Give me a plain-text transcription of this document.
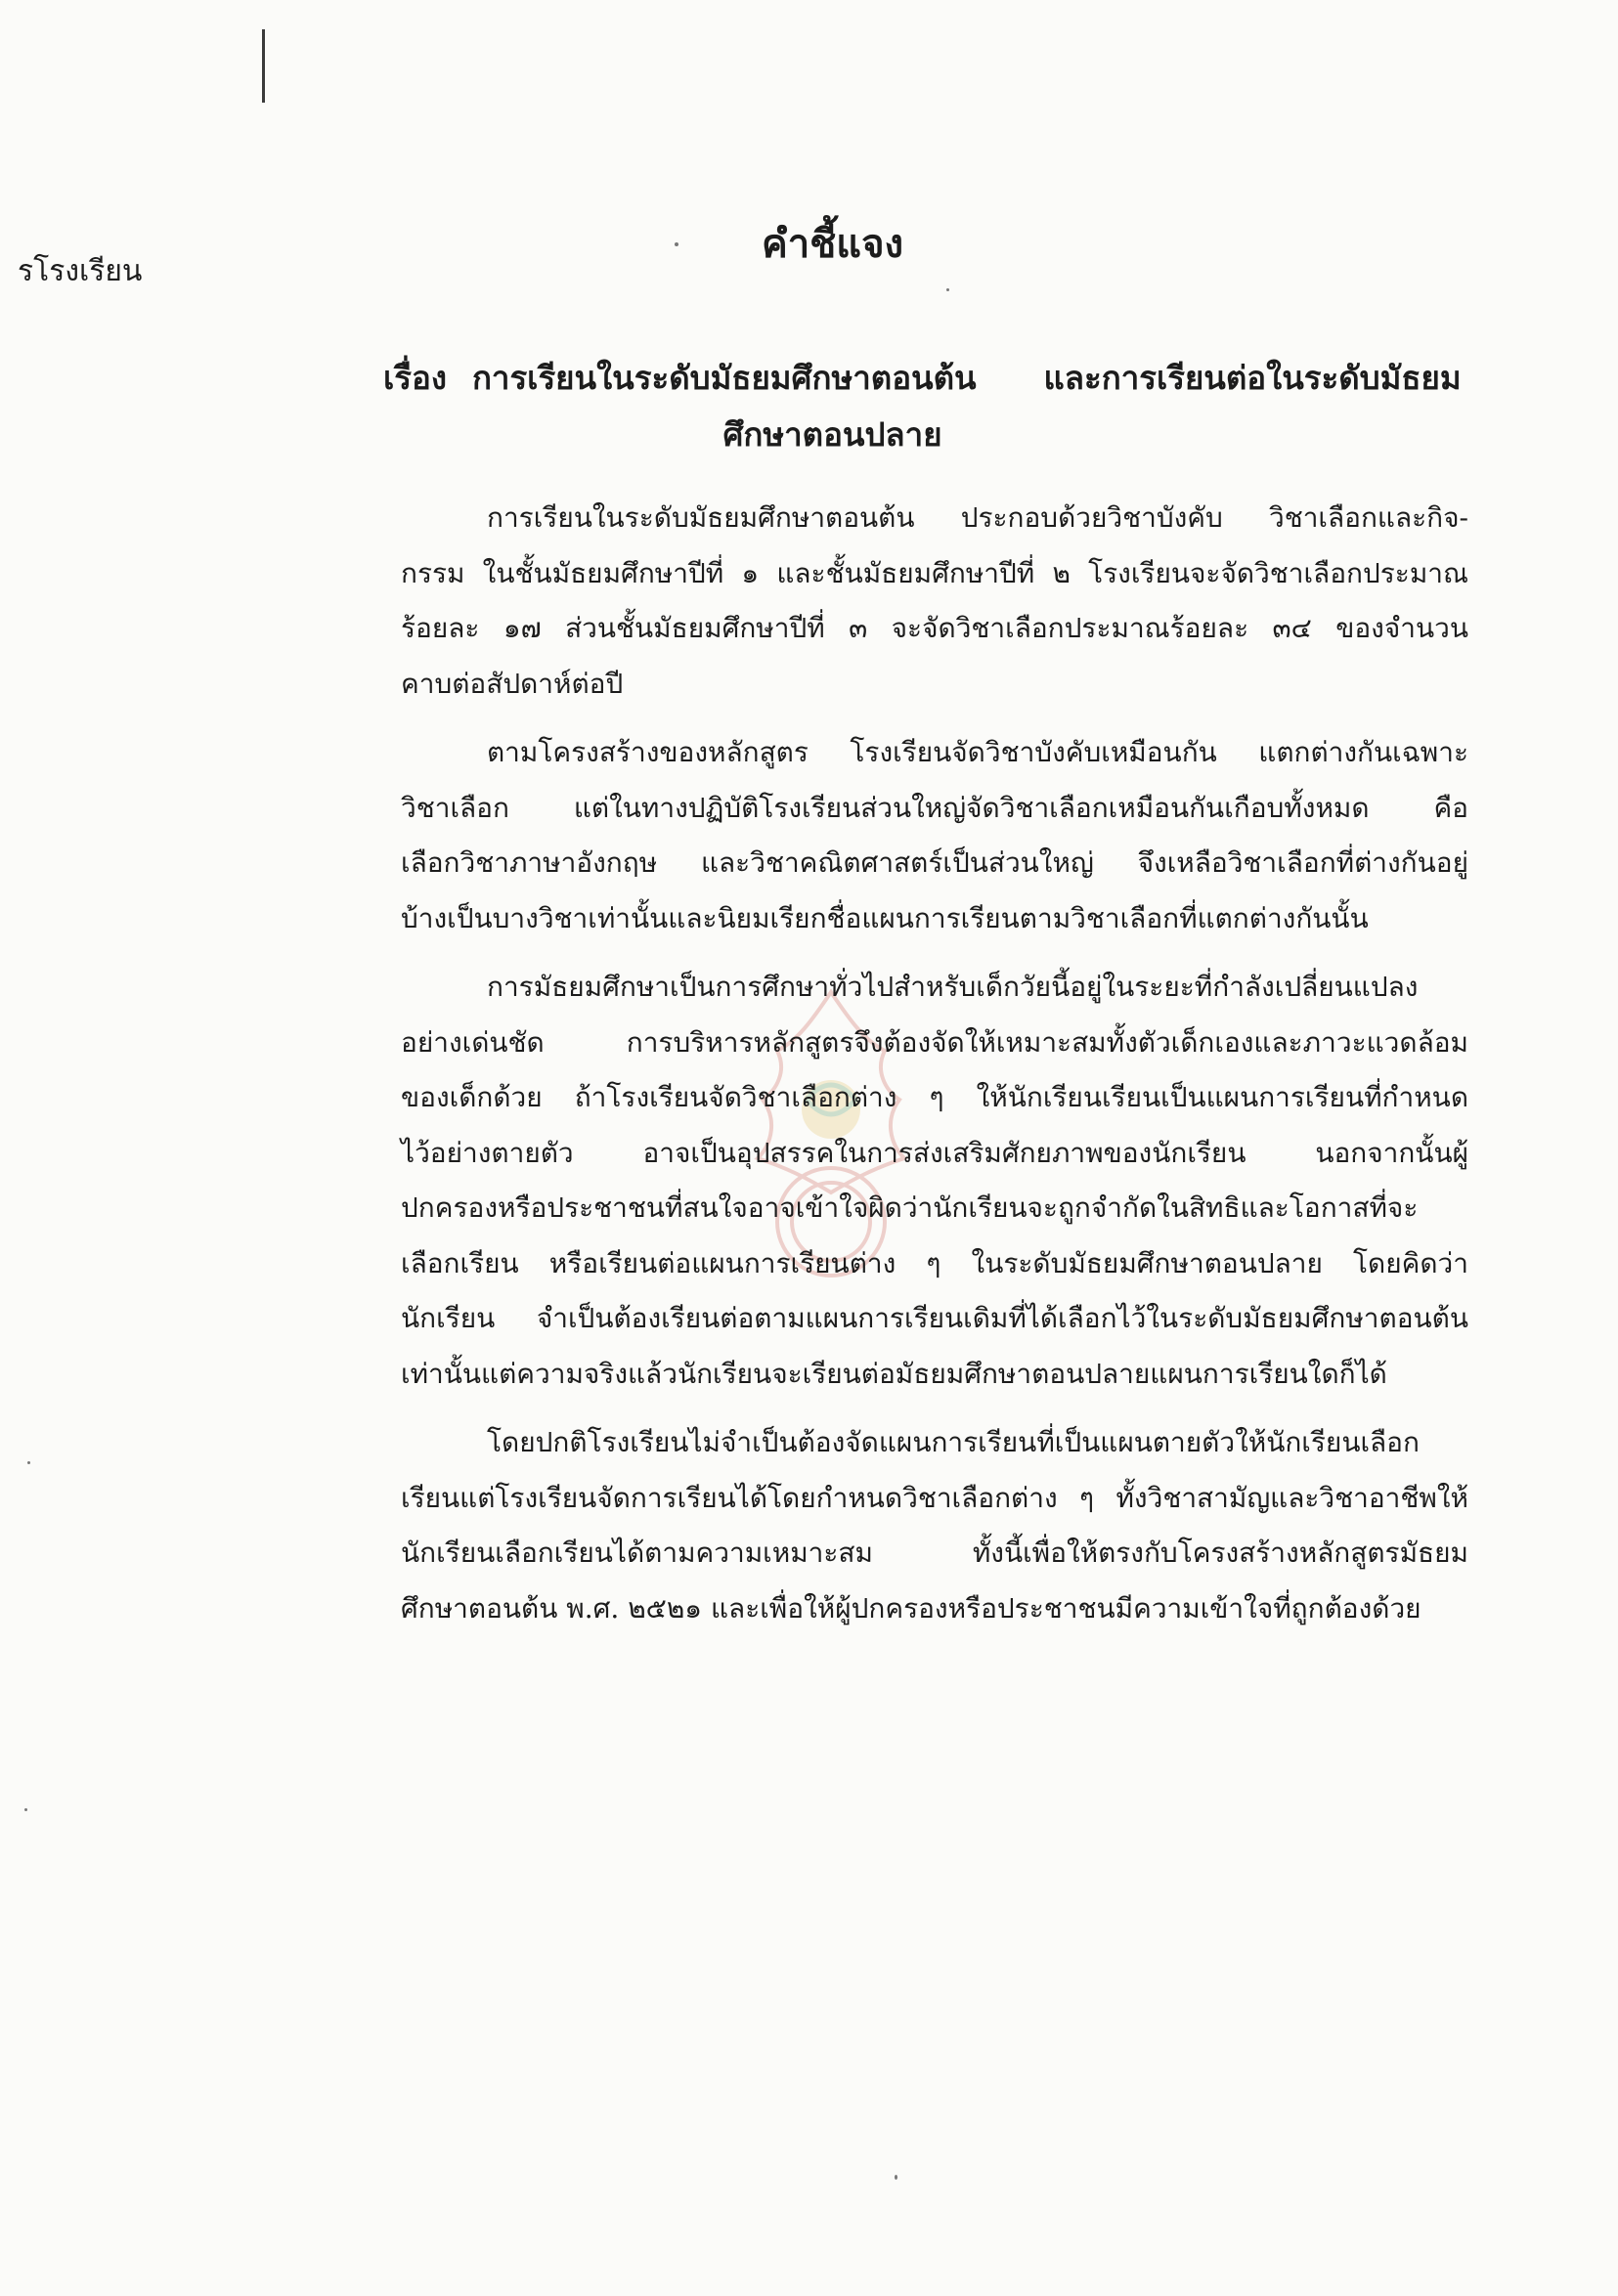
รโรงเรียน
คำชี้แจง
เรื่อง การเรียนในระดับมัธยมศึกษาตอนต้น      และการเรียนต่อในระดับมัธยม
ศึกษาตอนปลาย
การเรียนในระดับมัธยมศึกษาตอนต้น ประกอบด้วยวิชาบังคับ วิชาเลือกและกิจ-
กรรม ในชั้นมัธยมศึกษาปีที่ ๑ และชั้นมัธยมศึกษาปีที่ ๒ โรงเรียนจะจัดวิชาเลือกประมาณ
ร้อยละ ๑๗ ส่วนชั้นมัธยมศึกษาปีที่ ๓ จะจัดวิชาเลือกประมาณร้อยละ ๓๔ ของจำนวน
คาบต่อสัปดาห์ต่อปี
ตามโครงสร้างของหลักสูตร โรงเรียนจัดวิชาบังคับเหมือนกัน แตกต่างกันเฉพาะ
วิชาเลือก แต่ในทางปฏิบัติโรงเรียนส่วนใหญ่จัดวิชาเลือกเหมือนกันเกือบทั้งหมด คือ
เลือกวิชาภาษาอังกฤษ และวิชาคณิตศาสตร์เป็นส่วนใหญ่ จึงเหลือวิชาเลือกที่ต่างกันอยู่
บ้างเป็นบางวิชาเท่านั้นและนิยมเรียกชื่อแผนการเรียนตามวิชาเลือกที่แตกต่างกันนั้น
การมัธยมศึกษาเป็นการศึกษาทั่วไปสำหรับเด็กวัยนี้อยู่ในระยะที่กำลังเปลี่ยนแปลง
อย่างเด่นชัด การบริหารหลักสูตรจึงต้องจัดให้เหมาะสมทั้งตัวเด็กเองและภาวะแวดล้อม
ของเด็กด้วย ถ้าโรงเรียนจัดวิชาเลือกต่าง ๆ ให้นักเรียนเรียนเป็นแผนการเรียนที่กำหนด
ไว้อย่างตายตัว อาจเป็นอุปสรรคในการส่งเสริมศักยภาพของนักเรียน นอกจากนั้นผู้
ปกครองหรือประชาชนที่สนใจอาจเข้าใจผิดว่านักเรียนจะถูกจำกัดในสิทธิและโอกาสที่จะ
เลือกเรียน หรือเรียนต่อแผนการเรียนต่าง ๆ ในระดับมัธยมศึกษาตอนปลาย โดยคิดว่า
นักเรียน จำเป็นต้องเรียนต่อตามแผนการเรียนเดิมที่ได้เลือกไว้ในระดับมัธยมศึกษาตอนต้น
เท่านั้นแต่ความจริงแล้วนักเรียนจะเรียนต่อมัธยมศึกษาตอนปลายแผนการเรียนใดก็ได้
โดยปกติโรงเรียนไม่จำเป็นต้องจัดแผนการเรียนที่เป็นแผนตายตัวให้นักเรียนเลือก
เรียนแต่โรงเรียนจัดการเรียนได้โดยกำหนดวิชาเลือกต่าง ๆ ทั้งวิชาสามัญและวิชาอาชีพให้
นักเรียนเลือกเรียนได้ตามความเหมาะสม ทั้งนี้เพื่อให้ตรงกับโครงสร้างหลักสูตรมัธยม
ศึกษาตอนต้น พ.ศ. ๒๕๒๑ และเพื่อให้ผู้ปกครองหรือประชาชนมีความเข้าใจที่ถูกต้องด้วย
